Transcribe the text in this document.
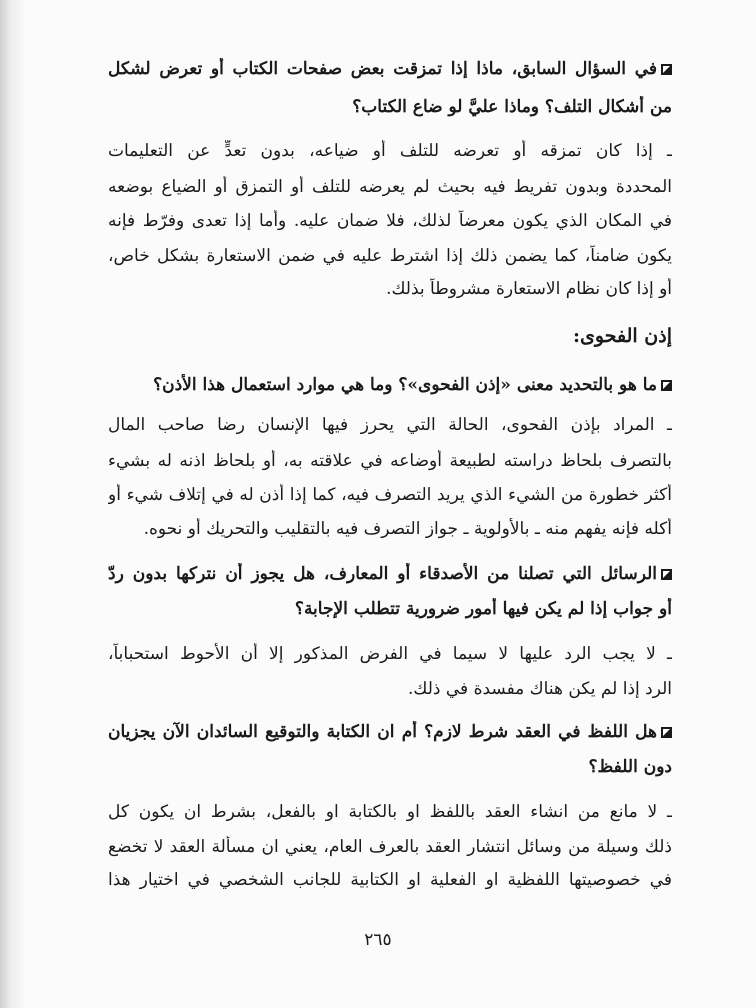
في السؤال السابق، ماذا إذا تمزقت بعض صفحات الكتاب أو تعرض لشكل
من أشكال التلف؟ وماذا عليَّ لو ضاع الكتاب؟
ـ إذا كان تمزقه أو تعرضه للتلف أو ضياعه، بدون تعدٍّ عن التعليمات
المحددة وبدون تفريط فيه بحيث لم يعرضه للتلف أو التمزق أو الضياع بوضعه
في المكان الذي يكون معرضاً لذلك، فلا ضمان عليه. وأما إذا تعدى وفرّط فإنه
يكون ضامناً، كما يضمن ذلك إذا اشترط عليه في ضمن الاستعارة بشكل خاص،
أو إذا كان نظام الاستعارة مشروطاً بذلك.
إذن الفحوى:
ما هو بالتحديد معنى «إذن الفحوى»؟ وما هي موارد استعمال هذا الأذن؟
ـ المراد بإذن الفحوى، الحالة التي يحرز فيها الإنسان رضا صاحب المال
بالتصرف بلحاظ دراسته لطبيعة أوضاعه في علاقته به، أو بلحاظ اذنه له بشيء
أكثر خطورة من الشيء الذي يريد التصرف فيه، كما إذا أذن له في إتلاف شيء أو
أكله فإنه يفهم منه ـ بالأولوية ـ جواز التصرف فيه بالتقليب والتحريك أو نحوه.
الرسائل التي تصلنا من الأصدقاء أو المعارف، هل يجوز أن نتركها بدون ردّ
أو جواب إذا لم يكن فيها أمور ضرورية تتطلب الإجابة؟
ـ لا يجب الرد عليها لا سيما في الفرض المذكور إلا أن الأحوط استحباباً،
الرد إذا لم يكن هناك مفسدة في ذلك.
هل اللفظ في العقد شرط لازم؟ أم ان الكتابة والتوقيع السائدان الآن يجزيان
دون اللفظ؟
ـ لا مانع من انشاء العقد باللفظ او بالكتابة او بالفعل، بشرط ان يكون كل
ذلك وسيلة من وسائل انتشار العقد بالعرف العام، يعني ان مسألة العقد لا تخضع
في خصوصيتها اللفظية او الفعلية او الكتابية للجانب الشخصي في اختيار هذا
٢٦٥
